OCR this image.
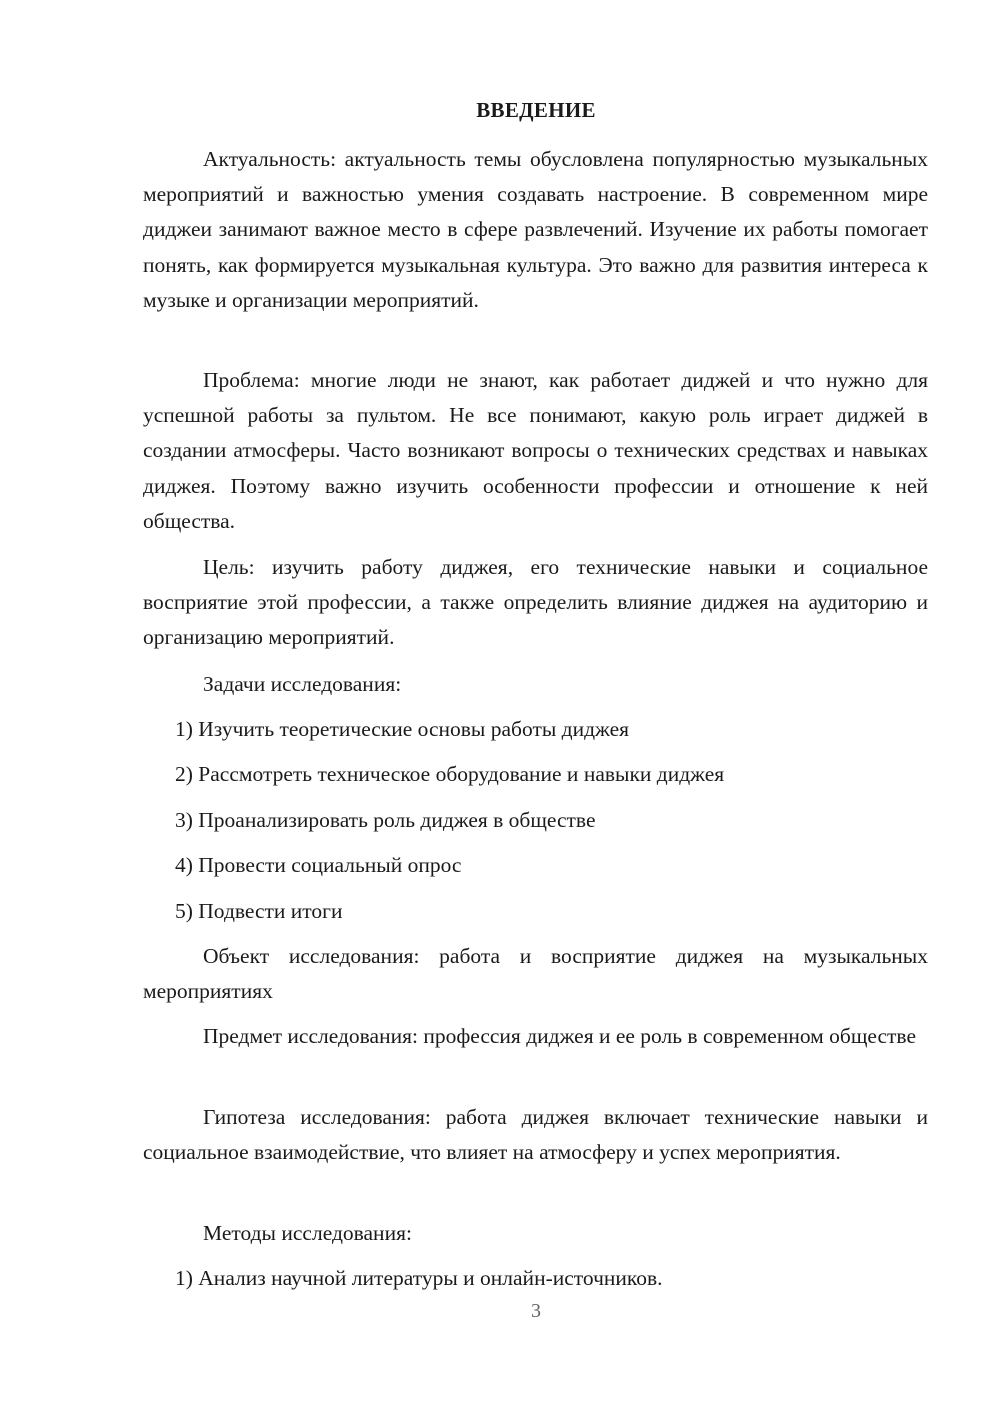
ВВЕДЕНИЕ

Актуальность: актуальность темы обусловлена популярностью музыкальных мероприятий и важностью умения создавать настроение. В современном мире диджеи занимают важное место в сфере развлечений. Изучение их работы помогает понять, как формируется музыкальная культура. Это важно для развития интереса к музыке и организации мероприятий.

Проблема: многие люди не знают, как работает диджей и что нужно для успешной работы за пультом. Не все понимают, какую роль играет диджей в создании атмосферы. Часто возникают вопросы о технических средствах и навыках диджея. Поэтому важно изучить особенности профессии и отношение к ней общества.

Цель: изучить работу диджея, его технические навыки и социальное восприятие этой профессии, а также определить влияние диджея на аудиторию и организацию мероприятий.

Задачи исследования:
1) Изучить теоретические основы работы диджея
2) Рассмотреть техническое оборудование и навыки диджея
3) Проанализировать роль диджея в обществе
4) Провести социальный опрос
5) Подвести итоги

Объект исследования: работа и восприятие диджея на музыкальных мероприятиях

Предмет исследования: профессия диджея и ее роль в современном обществе

Гипотеза исследования: работа диджея включает технические навыки и социальное взаимодействие, что влияет на атмосферу и успех мероприятия.

Методы исследования:
1) Анализ научной литературы и онлайн-источников.
3
